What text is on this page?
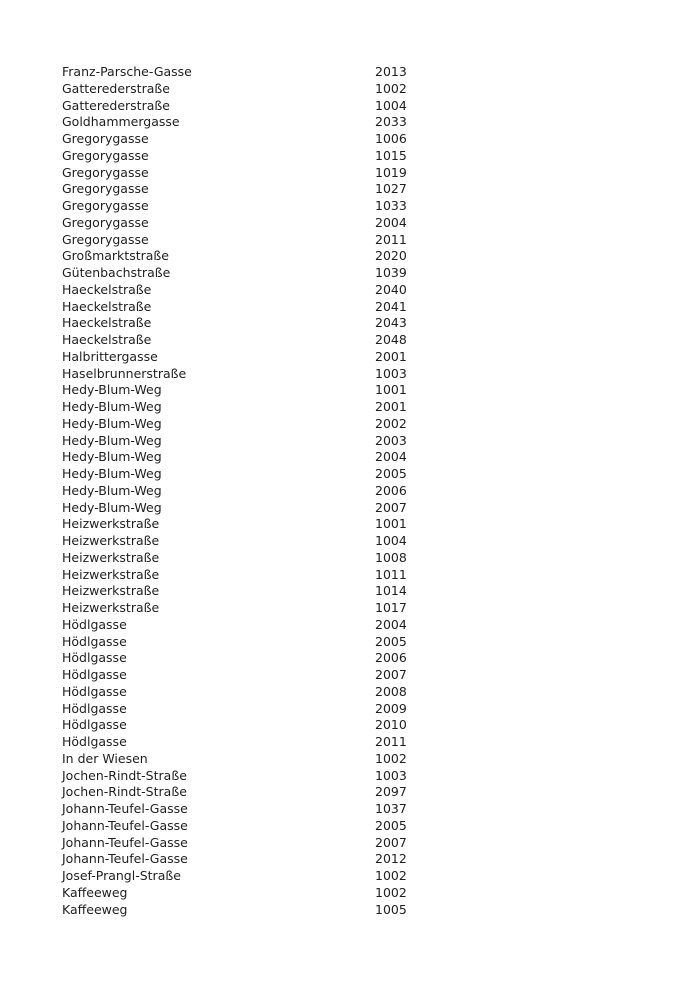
Franz-Parsche-Gasse	2013
Gatterederstraße	1002
Gatterederstraße	1004
Goldhammergasse	2033
Gregorygasse	1006
Gregorygasse	1015
Gregorygasse	1019
Gregorygasse	1027
Gregorygasse	1033
Gregorygasse	2004
Gregorygasse	2011
Großmarktstraße	2020
Gütenbachstraße	1039
Haeckelstraße	2040
Haeckelstraße	2041
Haeckelstraße	2043
Haeckelstraße	2048
Halbrittergasse	2001
Haselbrunnerstraße	1003
Hedy-Blum-Weg	1001
Hedy-Blum-Weg	2001
Hedy-Blum-Weg	2002
Hedy-Blum-Weg	2003
Hedy-Blum-Weg	2004
Hedy-Blum-Weg	2005
Hedy-Blum-Weg	2006
Hedy-Blum-Weg	2007
Heizwerkstraße	1001
Heizwerkstraße	1004
Heizwerkstraße	1008
Heizwerkstraße	1011
Heizwerkstraße	1014
Heizwerkstraße	1017
Hödlgasse	2004
Hödlgasse	2005
Hödlgasse	2006
Hödlgasse	2007
Hödlgasse	2008
Hödlgasse	2009
Hödlgasse	2010
Hödlgasse	2011
In der Wiesen	1002
Jochen-Rindt-Straße	1003
Jochen-Rindt-Straße	2097
Johann-Teufel-Gasse	1037
Johann-Teufel-Gasse	2005
Johann-Teufel-Gasse	2007
Johann-Teufel-Gasse	2012
Josef-Prangl-Straße	1002
Kaffeeweg	1002
Kaffeeweg	1005
